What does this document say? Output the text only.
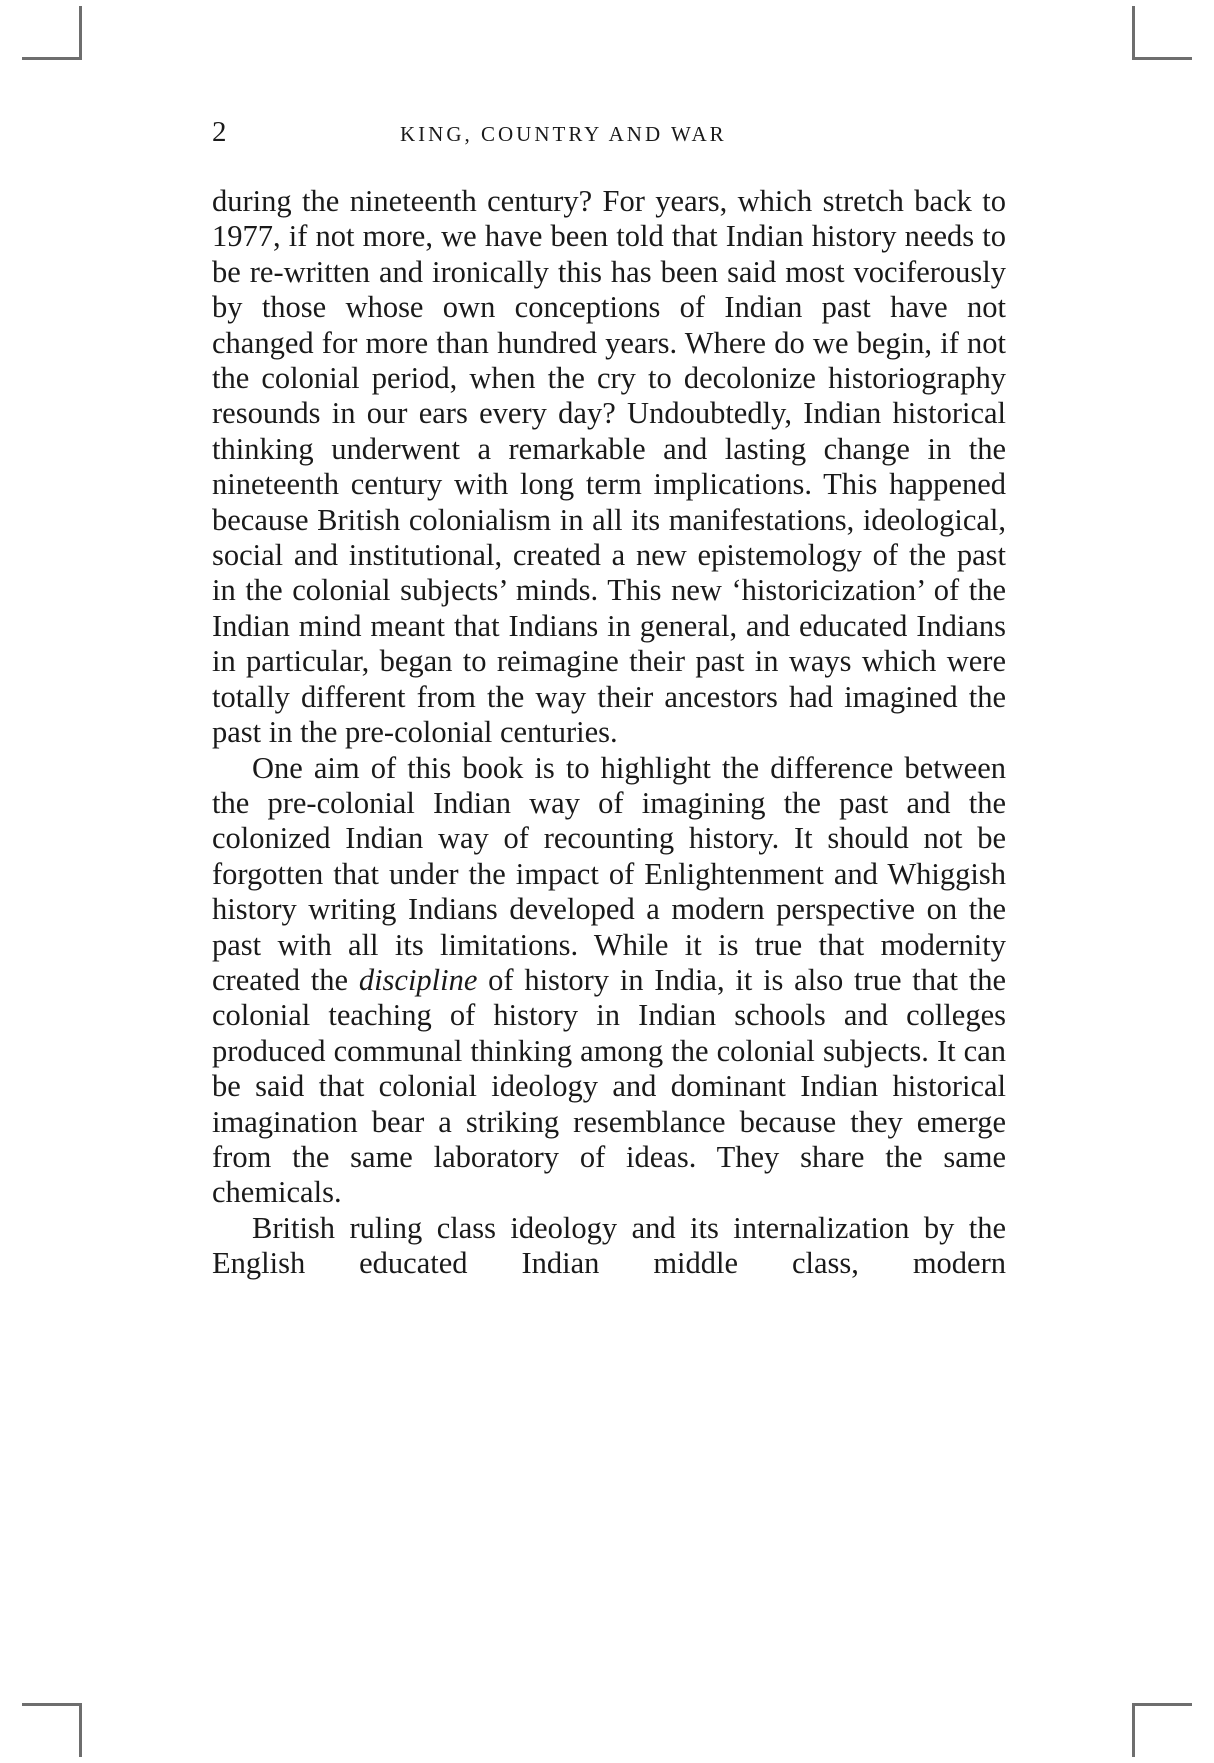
2	KING, COUNTRY AND WAR

during the nineteenth century? For years, which stretch back to 1977, if not more, we have been told that Indian history needs to be re-written and ironically this has been said most vociferously by those whose own conceptions of Indian past have not changed for more than hundred years. Where do we begin, if not the colonial period, when the cry to decolonize historiography resounds in our ears every day? Undoubtedly, Indian historical thinking underwent a remarkable and lasting change in the nineteenth century with long term implications. This happened because British colonialism in all its manifestations, ideological, social and institutional, created a new epistemology of the past in the colonial subjects’ minds. This new ‘historicization’ of the Indian mind meant that Indians in general, and educated Indians in particular, began to reimagine their past in ways which were totally different from the way their ancestors had imagined the past in the pre-colonial centuries.

One aim of this book is to highlight the difference between the pre-colonial Indian way of imagining the past and the colonized Indian way of recounting history. It should not be forgotten that under the impact of Enlightenment and Whiggish history writing Indians developed a modern perspective on the past with all its limitations. While it is true that modernity created the discipline of history in India, it is also true that the colonial teaching of history in Indian schools and colleges produced communal thinking among the colonial subjects. It can be said that colonial ideology and dominant Indian historical imagination bear a striking resemblance because they emerge from the same laboratory of ideas. They share the same chemicals.

British ruling class ideology and its internalization by the English educated Indian middle class, modern
